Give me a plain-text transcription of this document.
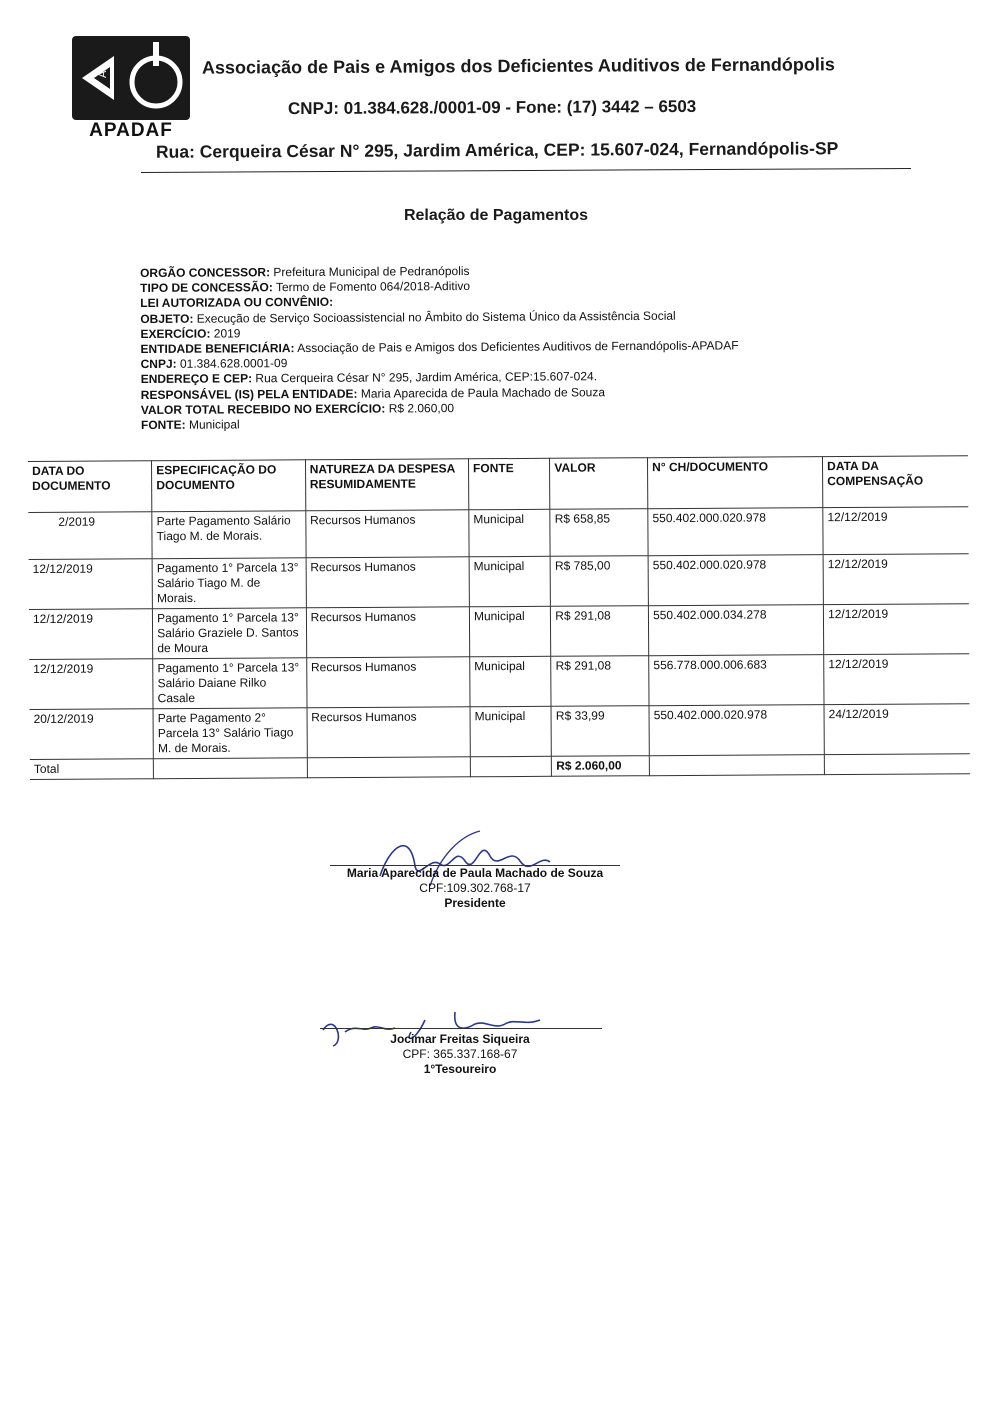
A
APADAF
Associação de Pais e Amigos dos Deficientes Auditivos de Fernandópolis
CNPJ: 01.384.628./0001-09 - Fone: (17) 3442 – 6503
Rua: Cerqueira César N° 295, Jardim América, CEP: 15.607-024, Fernandópolis-SP
Relação de Pagamentos
ORGÃO CONCESSOR: Prefeitura Municipal de Pedranópolis
TIPO DE CONCESSÃO: Termo de Fomento 064/2018-Aditivo
LEI AUTORIZADA OU CONVÊNIO:
OBJETO: Execução de Serviço Socioassistencial no Âmbito do Sistema Único da Assistência Social
EXERCÍCIO: 2019
ENTIDADE BENEFICIÁRIA: Associação de Pais e Amigos dos Deficientes Auditivos de Fernandópolis-APADAF
CNPJ: 01.384.628.0001-09
ENDEREÇO E CEP: Rua Cerqueira César N° 295, Jardim América, CEP:15.607-024.
RESPONSÁVEL (IS) PELA ENTIDADE: Maria Aparecida de Paula Machado de Souza
VALOR TOTAL RECEBIDO NO EXERCÍCIO: R$ 2.060,00
FONTE: Municipal
DATA DO DOCUMENTO	ESPECIFICAÇÃO DO DOCUMENTO	NATUREZA DA DESPESA RESUMIDAMENTE	FONTE	VALOR	N° CH/DOCUMENTO	DATA DA COMPENSAÇÃO
2/2019	Parte Pagamento Salário Tiago M. de Morais.	Recursos Humanos	Municipal	R$ 658,85	550.402.000.020.978	12/12/2019
12/12/2019	Pagamento 1° Parcela 13° Salário Tiago M. de Morais.	Recursos Humanos	Municipal	R$ 785,00	550.402.000.020.978	12/12/2019
12/12/2019	Pagamento 1° Parcela 13° Salário Graziele D. Santos de Moura	Recursos Humanos	Municipal	R$ 291,08	550.402.000.034.278	12/12/2019
12/12/2019	Pagamento 1° Parcela 13° Salário Daiane Rilko Casale	Recursos Humanos	Municipal	R$ 291,08	556.778.000.006.683	12/12/2019
20/12/2019	Parte Pagamento 2° Parcela 13° Salário Tiago M. de Morais.	Recursos Humanos	Municipal	R$ 33,99	550.402.000.020.978	24/12/2019
Total				R$ 2.060,00		
Maria Aparecida de Paula Machado de Souza
CPF:109.302.768-17
Presidente
Jocimar Freitas Siqueira
CPF: 365.337.168-67
1°Tesoureiro
